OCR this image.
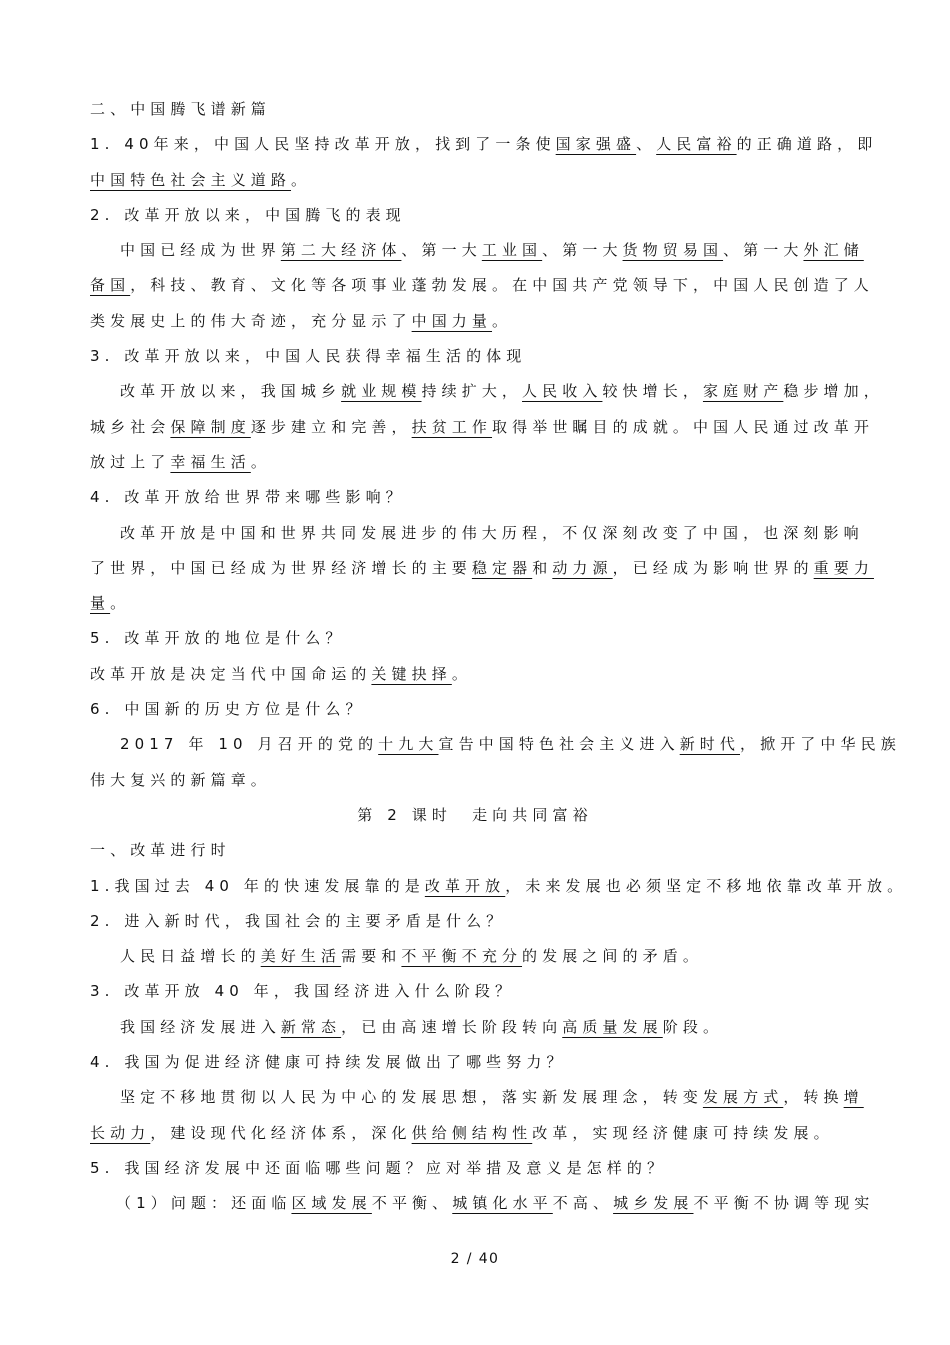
二、中国腾飞谱新篇
1. 40年来，中国人民坚持改革开放，找到了一条使国家强盛、人民富裕的正确道路，即
中国特色社会主义道路。
2. 改革开放以来，中国腾飞的表现
中国已经成为世界第二大经济体、第一大工业国、第一大货物贸易国、第一大外汇储
备国，科技、教育、文化等各项事业蓬勃发展。在中国共产党领导下，中国人民创造了人
类发展史上的伟大奇迹，充分显示了中国力量。
3. 改革开放以来，中国人民获得幸福生活的体现
改革开放以来，我国城乡就业规模持续扩大，人民收入较快增长，家庭财产稳步增加，
城乡社会保障制度逐步建立和完善，扶贫工作取得举世瞩目的成就。中国人民通过改革开
放过上了幸福生活。
4. 改革开放给世界带来哪些影响？
改革开放是中国和世界共同发展进步的伟大历程，不仅深刻改变了中国，也深刻影响
了世界，中国已经成为世界经济增长的主要稳定器和动力源，已经成为影响世界的重要力
量。
5. 改革开放的地位是什么？
改革开放是决定当代中国命运的关键抉择。
6. 中国新的历史方位是什么？
2017 年 10 月召开的党的十九大宣告中国特色社会主义进入新时代，掀开了中华民族
伟大复兴的新篇章。
第 2 课时　走向共同富裕
一、改革进行时
1.我国过去 40 年的快速发展靠的是改革开放，未来发展也必须坚定不移地依靠改革开放。
2. 进入新时代，我国社会的主要矛盾是什么？
人民日益增长的美好生活需要和不平衡不充分的发展之间的矛盾。
3. 改革开放 40 年，我国经济进入什么阶段？
我国经济发展进入新常态，已由高速增长阶段转向高质量发展阶段。
4. 我国为促进经济健康可持续发展做出了哪些努力？
坚定不移地贯彻以人民为中心的发展思想，落实新发展理念，转变发展方式，转换增
长动力，建设现代化经济体系，深化供给侧结构性改革，实现经济健康可持续发展。
5. 我国经济发展中还面临哪些问题？应对举措及意义是怎样的？
（1）问题：还面临区域发展不平衡、城镇化水平不高、城乡发展不平衡不协调等现实
2 / 40
